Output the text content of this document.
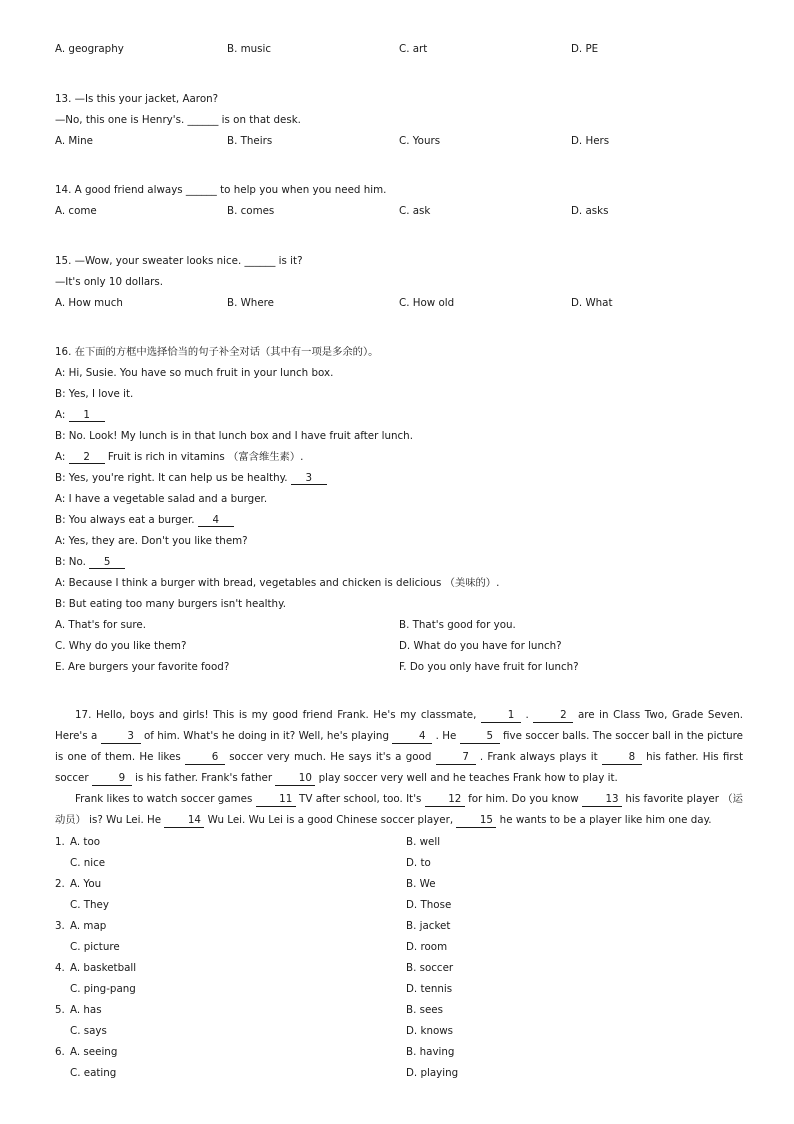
A. geography	B. music	C. art	D. PE
13. —Is this your jacket, Aaron?
—No, this one is Henry's. ______ is on that desk.
A. Mine	B. Theirs	C. Yours	D. Hers
14. A good friend always ______ to help you when you need him.
A. come	B. comes	C. ask	D. asks
15. —Wow, your sweater looks nice. ______ is it?
—It's only 10 dollars.
A. How much	B. Where	C. How old	D. What
16. 在下面的方框中选择恰当的句子补全对话（其中有一项是多余的）。
A: Hi, Susie. You have so much fruit in your lunch box.
B: Yes, I love it.
A: 1
B: No. Look! My lunch is in that lunch box and I have fruit after lunch.
A: 2 Fruit is rich in vitamins （富含维生素）.
B: Yes, you're right. It can help us be healthy. 3
A: I have a vegetable salad and a burger.
B: You always eat a burger. 4
A: Yes, they are. Don't you like them?
B: No. 5
A: Because I think a burger with bread, vegetables and chicken is delicious （美味的）.
B: But eating too many burgers isn't healthy.
A. That's for sure.	B. That's good for you.
C. Why do you like them?	D. What do you have for lunch?
E. Are burgers your favorite food?	F. Do you only have fruit for lunch?
17. Hello, boys and girls! This is my good friend Frank. He's my classmate,	1 .	2 are in Class Two, Grade Seven. Here's a	3 of him. What's he doing in it? Well, he's playing	4 . He	5 five soccer balls. The soccer ball in the picture is one of them. He likes	6 soccer very much. He says it's a good	7 . Frank always plays it	8 his father. His first soccer	9 is his father. Frank's father 10 play soccer very well and he teaches Frank how to play it.
Frank likes to watch soccer games 11 TV after school, too. It's 12 for him. Do you know 13 his favorite player （运动员） is? Wu Lei. He 14 Wu Lei. Wu Lei is a good Chinese soccer player, 15 he wants to be a player like him one day.
1. A. too	B. well
C. nice	D. to
2. A. You	B. We
C. They	D. Those
3. A. map	B. jacket
C. picture	D. room
4. A. basketball	B. soccer
C. ping-pang	D. tennis
5. A. has	B. sees
C. says	D. knows
6. A. seeing	B. having
C. eating	D. playing
